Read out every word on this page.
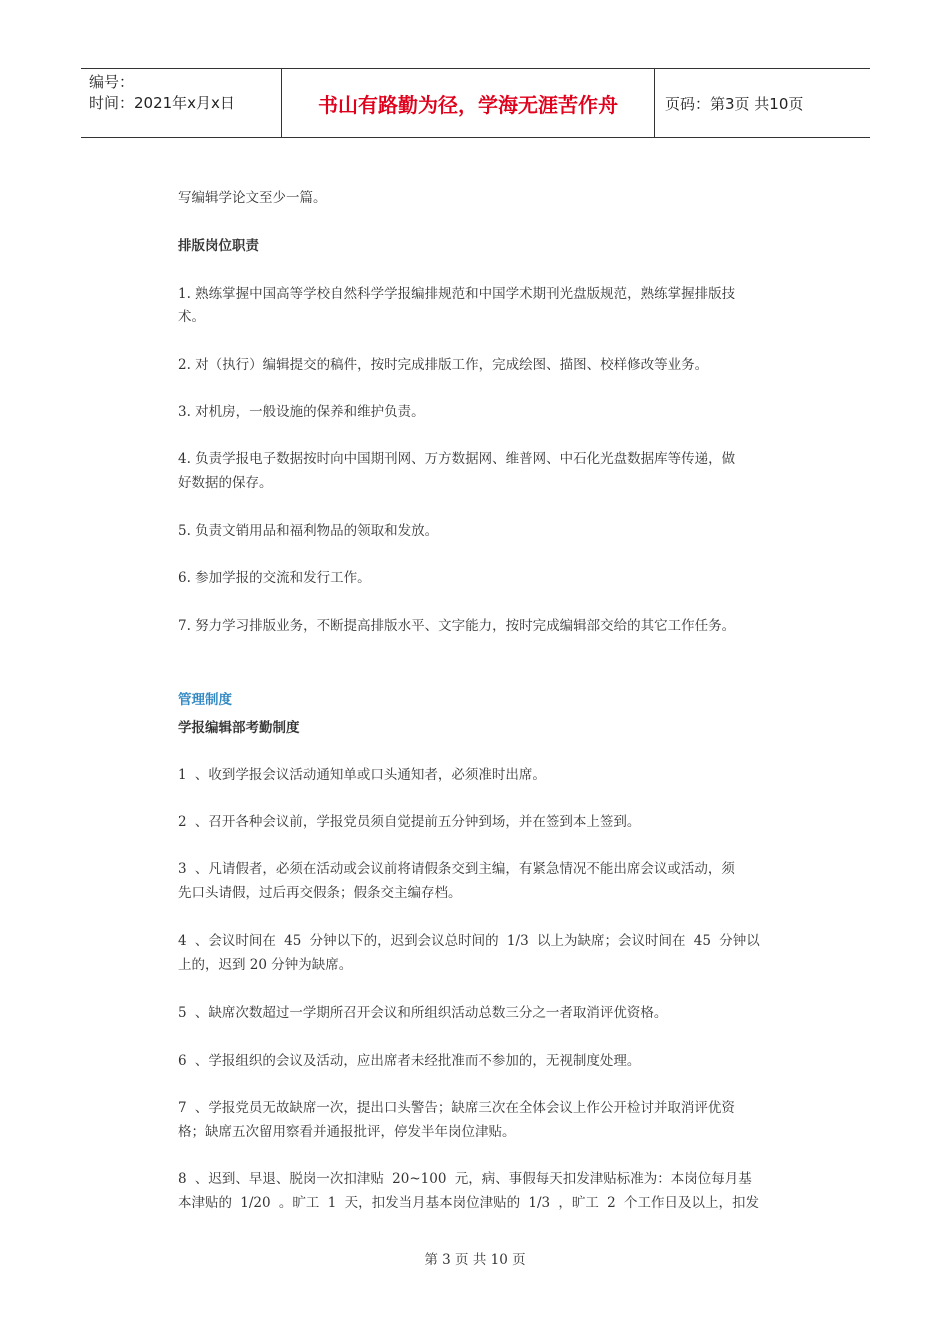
编号：
时间：2021年x月x日	书山有路勤为径，学海无涯苦作舟	页码：第3页 共10页
写编辑学论文至少一篇。
排版岗位职责
1. 熟练掌握中国高等学校自然科学学报编排规范和中国学术期刊光盘版规范，熟练掌握排版技
术。
2. 对（执行）编辑提交的稿件，按时完成排版工作，完成绘图、描图、校样修改等业务。
3. 对机房，一般设施的保养和维护负责。
4. 负责学报电子数据按时向中国期刊网、万方数据网、维普网、中石化光盘数据库等传递，做
好数据的保存。
5. 负责文销用品和福利物品的领取和发放。
6. 参加学报的交流和发行工作。
7. 努力学习排版业务，不断提高排版水平、文字能力，按时完成编辑部交给的其它工作任务。
管理制度
学报编辑部考勤制度
1 、收到学报会议活动通知单或口头通知者，必须准时出席。
2 、召开各种会议前，学报党员须自觉提前五分钟到场，并在签到本上签到。
3 、凡请假者，必须在活动或会议前将请假条交到主编，有紧急情况不能出席会议或活动，须
先口头请假，过后再交假条；假条交主编存档。
4 、会议时间在 45 分钟以下的，迟到会议总时间的 1/3 以上为缺席；会议时间在 45 分钟以
上的，迟到 20 分钟为缺席。
5 、缺席次数超过一学期所召开会议和所组织活动总数三分之一者取消评优资格。
6 、学报组织的会议及活动，应出席者未经批准而不参加的，无视制度处理。
7 、学报党员无故缺席一次，提出口头警告；缺席三次在全体会议上作公开检讨并取消评优资
格；缺席五次留用察看并通报批评，停发半年岗位津贴。
8 、迟到、早退、脱岗一次扣津贴 20~100 元，病、事假每天扣发津贴标准为：本岗位每月基
本津贴的 1/20 。旷工 1 天，扣发当月基本岗位津贴的 1/3 ，旷工 2 个工作日及以上，扣发
第 3 页 共 10 页
